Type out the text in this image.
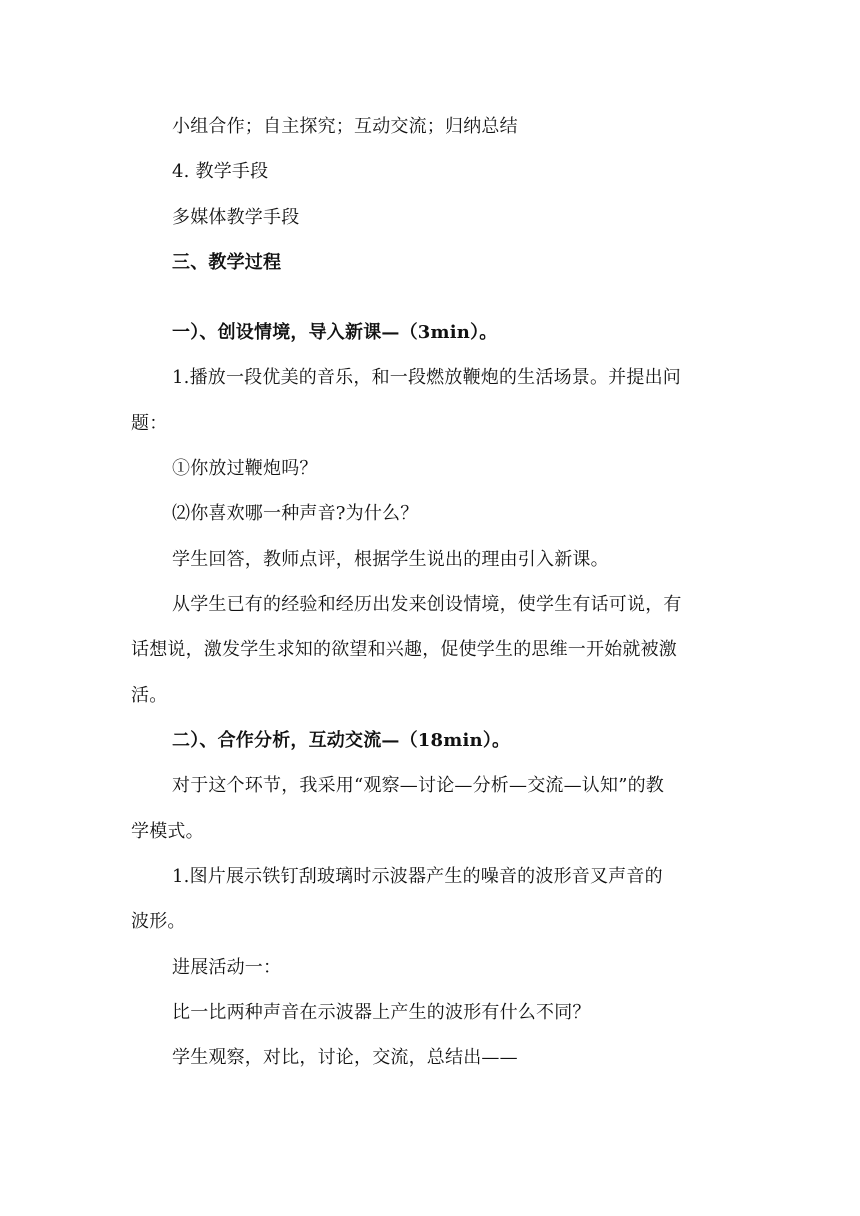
小组合作；自主探究；互动交流；归纳总结
4. 教学手段
多媒体教学手段
三、教学过程
一）、创设情境，导入新课—（3min）。
1.播放一段优美的音乐，和一段燃放鞭炮的生活场景。并提出问
题：
①你放过鞭炮吗？
⑵你喜欢哪一种声音?为什么？
学生回答，教师点评，根据学生说出的理由引入新课。
从学生已有的经验和经历出发来创设情境，使学生有话可说，有
话想说，激发学生求知的欲望和兴趣，促使学生的思维一开始就被激
活。
二）、合作分析，互动交流—（18min）。
对于这个环节，我采用“观察—讨论—分析—交流—认知”的教
学模式。
1.图片展示铁钉刮玻璃时示波器产生的噪音的波形音叉声音的
波形。
进展活动一：
比一比两种声音在示波器上产生的波形有什么不同？
学生观察，对比，讨论，交流，总结出——
